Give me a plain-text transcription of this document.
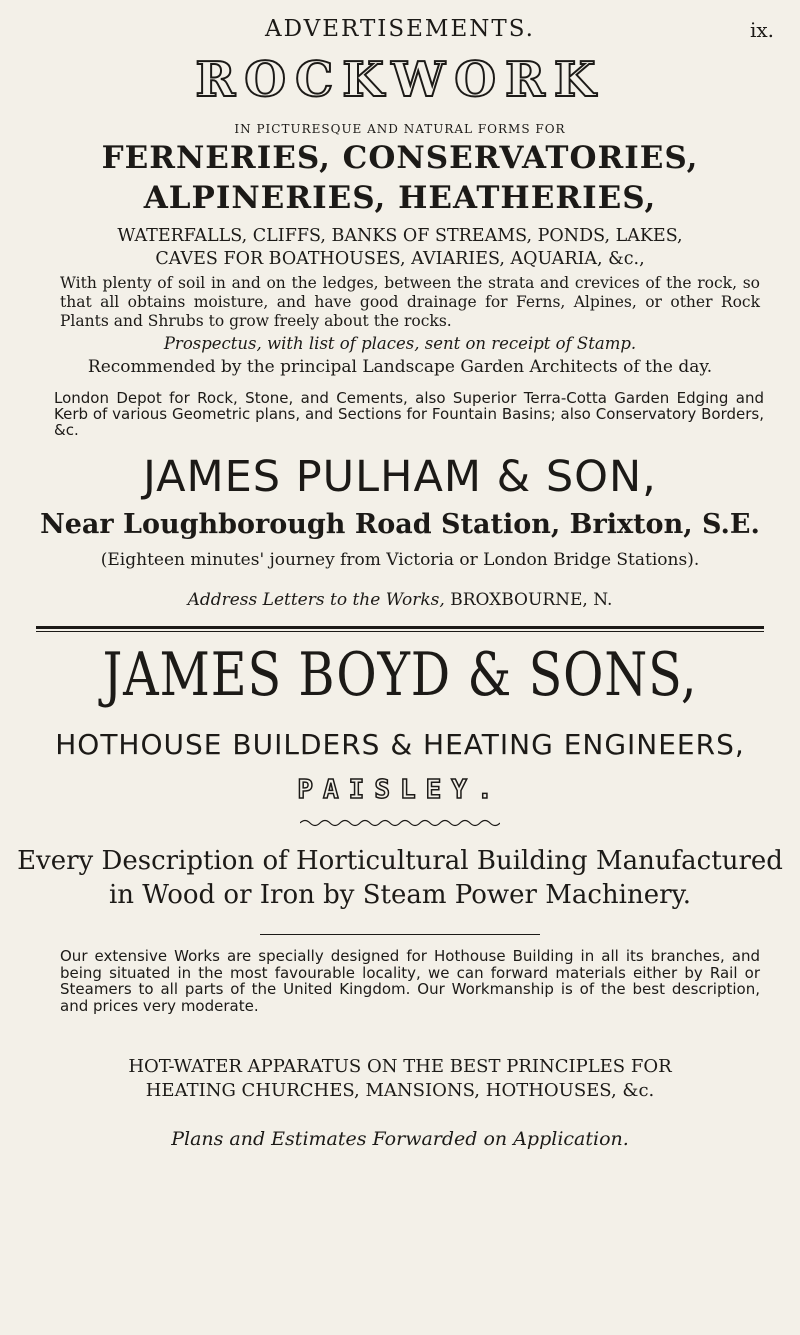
ADVERTISEMENTS.	ix.
ROCKWORK
IN PICTURESQUE AND NATURAL FORMS FOR
FERNERIES, CONSERVATORIES,
ALPINERIES, HEATHERIES,
WATERFALLS, CLIFFS, BANKS OF STREAMS, PONDS, LAKES,
CAVES FOR BOATHOUSES, AVIARIES, AQUARIA, &c.,
With plenty of soil in and on the ledges, between the strata and crevices of the rock, so that all obtains moisture, and have good drainage for Ferns, Alpines, or other Rock Plants and Shrubs to grow freely about the rocks.
Prospectus, with list of places, sent on receipt of Stamp.
Recommended by the principal Landscape Garden Architects of the day.
London Depot for Rock, Stone, and Cements, also Superior Terra-Cotta Garden Edging and Kerb of various Geometric plans, and Sections for Fountain Basins; also Conservatory Borders, &c.
JAMES PULHAM & SON,
Near Loughborough Road Station, Brixton, S.E.
(Eighteen minutes' journey from Victoria or London Bridge Stations).
Address Letters to the Works, BROXBOURNE, N.
JAMES BOYD & SONS,
HOTHOUSE BUILDERS & HEATING ENGINEERS,
PAISLEY.
Every Description of Horticultural Building Manufactured
in Wood or Iron by Steam Power Machinery.
Our extensive Works are specially designed for Hothouse Building in all its branches, and being situated in the most favourable locality, we can forward materials either by Rail or Steamers to all parts of the United Kingdom. Our Workmanship is of the best description, and prices very moderate.
HOT-WATER APPARATUS ON THE BEST PRINCIPLES FOR
HEATING CHURCHES, MANSIONS, HOTHOUSES, &c.
Plans and Estimates Forwarded on Application.
